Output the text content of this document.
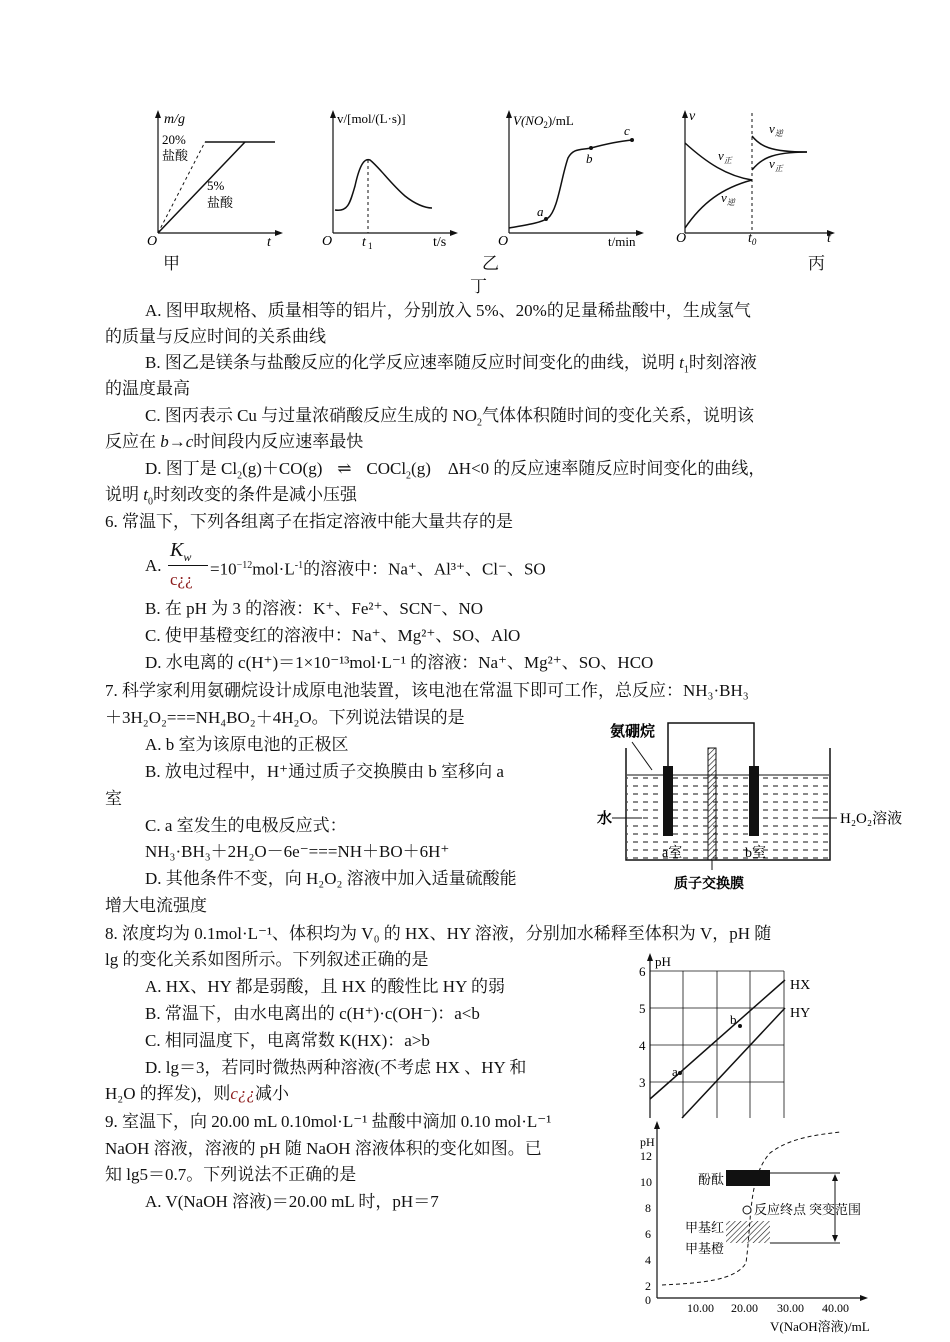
m/g
20%
盐酸
5%
盐酸
O	t
甲
v/[mol/(L·s)]
O t 1	t/s
乙
$V(NO_2)/mL$
a
b
c
O	t/min
丁
v
$v_正$
$v_逆$
$v_逆$
$v_正$
O	$t_0$	t
丙
A. 图甲取规格、质量相等的铝片，分别放入 5%、20%的足量稀盐酸中，生成氢气
的质量与反应时间的关系曲线
B. 图乙是镁条与盐酸反应的化学反应速率随反应时间变化的曲线，说明 $t_1$时刻溶液
的温度最高
C. 图丙表示 Cu 与过量浓硝酸反应生成的 $NO_2$气体体积随时间的变化关系，说明该
反应在 b→c时间段内反应速率最快
D. 图丁是 $Cl_2(g)+CO(g)$ ⇌ COCl$_2$(g) ΔH<0 的反应速率随反应时间变化的曲线，
说明 $t_0$时刻改变的条件是减小压强
6. 常温下，下列各组离子在指定溶液中能大量共存的是
A.
$K_w$
c¿¿
$=10^{-12}mol\cdot L^{-1}$的溶液中：Na⁺、Al³⁺、Cl⁻、SO
B. 在 pH 为 3 的溶液：K⁺、Fe²⁺、SCN⁻、NO
C. 使甲基橙变红的溶液中：Na⁺、Mg²⁺、SO、AlO
D. 水电离的 c(H⁺)＝1×10⁻¹³mol·L⁻¹ 的溶液：Na⁺、Mg²⁺、SO、HCO
7. 科学家利用氨硼烷设计成原电池装置，该电池在常温下即可工作，总反应：NH₃·BH₃
＋3H₂O₂===NH₄BO₂＋4H₂O。下列说法错误的是
A. b 室为该原电池的正极区
B. 放电过程中，H⁺通过质子交换膜由 b 室移向 a
室
C. a 室发生的电极反应式：
NH₃·BH₃＋2H₂O－6e⁻===NH＋BO＋6H⁺
D. 其他条件不变，向 H₂O₂ 溶液中加入适量硫酸能
增大电流强度
氨硼烷
水	H₂O₂溶液
a室	b室
质子交换膜
8. 浓度均为 0.1mol·L⁻¹、体积均为 V₀ 的 HX、HY 溶液，分别加水稀释至体积为 V，pH 随
lg 的变化关系如图所示。下列叙述正确的是
A. HX、HY 都是弱酸，且 HX 的酸性比 HY 的弱
B. 常温下，由水电离出的 c(H⁺)·c(OH⁻)：a<b
C. 相同温度下，电离常数 K(HX)：a>b
D. lg＝3，若同时微热两种溶液(不考虑 HX 、HY 和
H₂O 的挥发)，则c¿¿减小
pH
6
5
4
3
a
b
HX
HY
9. 室温下，向 20.00 mL 0.10mol·L⁻¹ 盐酸中滴加 0.10 mol·L⁻¹
NaOH 溶液，溶液的 pH 随 NaOH 溶液体积的变化如图。已
知 lg5＝0.7。下列说法不正确的是
A. V(NaOH 溶液)＝20.00 mL 时，pH＝7
pH
12
10
8
6
4
2
0
10.00 20.00 30.00 40.00
V(NaOH溶液)/mL
酚酞
反应终点 突变范围
甲基红
甲基橙
